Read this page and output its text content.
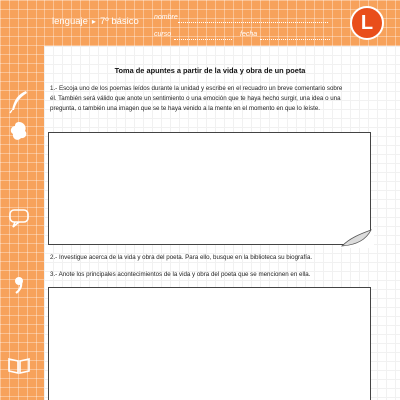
lenguaje ▸ 7º básico nombre
curso	fecha
L
Toma de apuntes a partir de la vida y obra de un poeta
1.- Escoja uno de los poemas leídos durante la unidad y escribe en el recuadro un breve comentario sobre él. También será válido que anote un sentimiento o una emoción que te haya hecho surgir, una idea o una pregunta, o también una imagen que se te haya venido a la mente en el momento en que lo leíste.
2.- Investigue acerca de la vida y obra del poeta. Para ello, busque en la biblioteca su biografía.
3.- Anote los principales acontecimientos de la vida y obra del poeta que se mencionen en ella.
